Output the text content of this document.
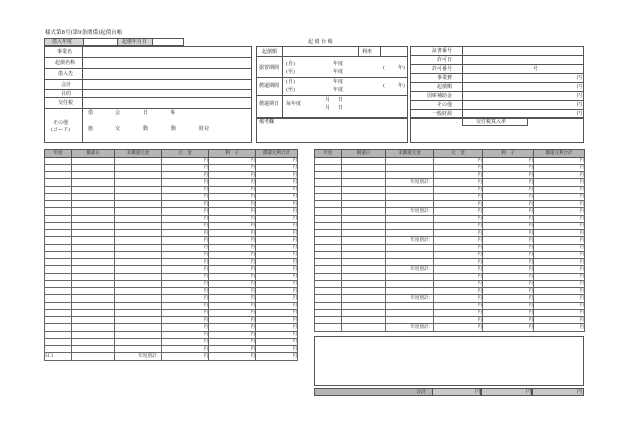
様式第8号(第9条関係)起債台帳
借入年度	起債年月日
事業名
起債名称
借入先
会計
目的
交付税
その他
(コード)
借	会	日	事
施	交	動	動	財対
起 債 台 帳
起債額	利率
据置期間
(自)
(至)
年度
年度
(	年)
償還期間
(自)
(至)
年度
年度
(	年)
償還期日 毎年度
月 日
月 日
備考欄
証書番号
許可日
許可番号	号
事業費	円
起債額	円
国庫補助金	円
その他	円
一般財源	円
交付税算入率
年度	償還日	未償還元金	元　金	利　子	償還元利合計
			円	円	円
			円	円	円
			円	円	円
			円	円	円
			円	円	円
			円	円	円
			円	円	円
			円	円	円
			円	円	円
			円	円	円
			円	円	円
			円	円	円
			円	円	円
			円	円	円
			円	円	円
			円	円	円
			円	円	円
			円	円	円
			円	円	円
			円	円	円
			円	円	円
			円	円	円
			円	円	円
			円	円	円
			円	円	円
			円	円	円
			円	円	円
Ｈ３		年度別計：	円	円	円
年度	償還日	未償還元金	元　金	利　子	償還元利合計
			円	円	円
			円	円	円
			円	円	円
		年度別計：	円	円	円
			円	円	円
			円	円	円
			円	円	円
		年度別計：	円	円	円
			円	円	円
			円	円	円
			円	円	円
		年度別計：	円	円	円
			円	円	円
			円	円	円
			円	円	円
		年度別計：	円	円	円
			円	円	円
			円	円	円
			円	円	円
		年度別計：	円	円	円
			円	円	円
			円	円	円
			円	円	円
		年度別計：	円	円	円
合計	円	円	円
